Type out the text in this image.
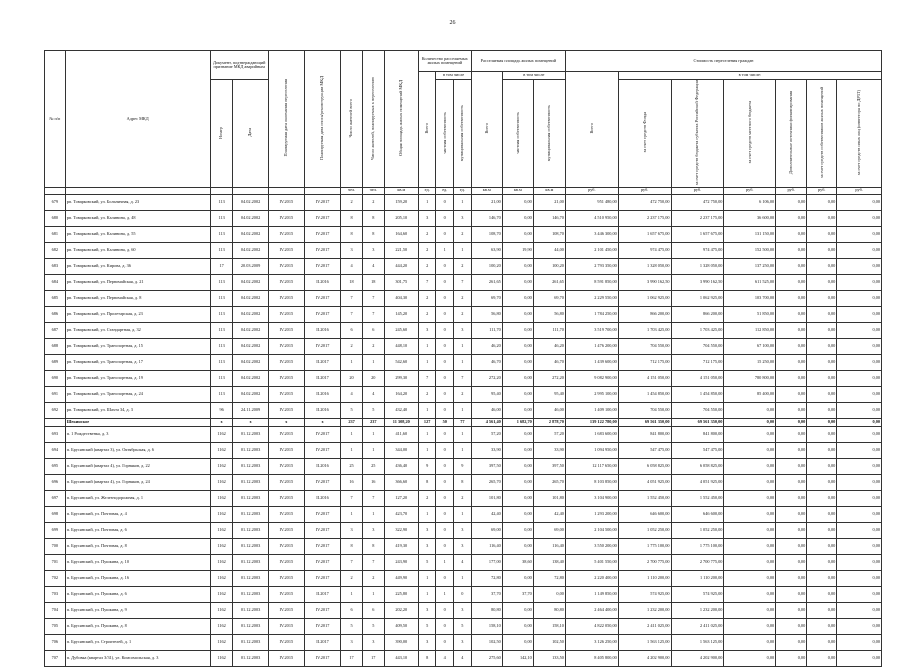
26
№ п/п	Адрес МКД	Документ, подтверждающий признание МКД аварийным		Планируемая дата окончания переселения	Планируемая дата сноса/реконструкции МКД	Число жителей всего	Число жителей, планируемых к переселению	Общая площадь жилых помещений МКД	Количество расселяемых жилых помещений			Расселяемая площадь жилых помещений			Стоимость переселения граждан						
									Всего	в том числе		Всего	в том числе		Всего	в том числе:					
		Номер	Дата							частная собственность	муниципальная собственность		частная собственность	муниципальная собственность		за счет средств Фонда	за счет средств бюджета субъекта Российской Федерации	за счет средств местного бюджета	Дополнительные источники финансирования	за счет средств собственников жилых помещений	за счет средств иных лиц (инвестора по ДРЗТ)
						чел.	чел.	кв.м	ед.	ед.	ед.	кв.м	кв.м	кв.м	руб.	руб.	руб.	руб.	руб.	руб.	руб.
679	рп. Товарковский, ул. Больничная, д. 23	113	04.02.2002	IV.2015	IV.2017	2	2	159,20	1	0	1	21,00	0,00	21,00	951 480,00	472 750,00	472 750,00	6 106,00	0,00	0,00	0,00
680	рп. Товарковский, ул. Калинина, д. 48	113	04.02.2002	IV.2015	IV.2017	8	8	205,10	3	0	3	146,70	0,00	146,70	4 510 950,00	2 237 175,00	2 237 175,00	36 600,00	0,00	0,00	0,00
681	рп. Товарковский, ул. Калинина, д. 55	113	04.02.2002	IV.2015	IV.2017	8	8	164,60	2	0	2	108,70	0,00	108,70	3 446 300,00	1 657 675,00	1 657 675,00	131 150,00	0,00	0,00	0,00
682	рп. Товарковский, ул. Калинина, д. 60	113	04.02.2002	IV.2015	IV.2017	3	3	221,50	2	1	1	63,90	19,90	44,00	2 101 450,00	974 475,00	974 475,00	152 500,00	0,00	0,00	0,00
683	рп. Товарковский, ул. Кирова, д. 36	17	20.03.2009	IV.2015	IV.2017	4	4	444,20	2	0	2	100,20	0,00	100,20	2 793 350,00	1 328 050,00	1 328 050,00	137 250,00	0,00	0,00	0,00
684	рп. Товарковский, ул. Первомайская, д. 21	113	04.02.2002	IV.2015	II.2016	18	18	301,75	7	0	7	261,65	0,00	261,65	8 591 850,00	3 990 162,50	3 990 162,50	611 525,00	0,00	0,00	0,00
685	рп. Товарковский, ул. Первомайская, д. 8	113	04.02.2002	IV.2015	IV.2017	7	7	404,30	2	0	2	69,70	0,00	69,70	2 229 550,00	1 062 925,00	1 062 925,00	103 700,00	0,00	0,00	0,00
686	рп. Товарковский, ул. Пролетарская, д. 23	113	04.02.2002	IV.2015	IV.2017	7	7	145,20	2	0	2	56,80	0,00	56,80	1 784 250,00	866 200,00	866 200,00	51 850,00	0,00	0,00	0,00
687	рп. Товарковский, ул. Стандартная, д. 32	113	04.02.2002	IV.2015	II.2016	6	6	245,60	3	0	3	111,70	0,00	111,70	3 519 700,00	1 703 425,00	1 703 425,00	112 850,00	0,00	0,00	0,00
688	рп. Товарковский, ул. Транспортная, д. 15	113	04.02.2002	IV.2015	IV.2017	2	2	448,10	1	0	1	46,20	0,00	46,20	1 476 200,00	704 550,00	704 550,00	67 100,00	0,00	0,00	0,00
689	рп. Товарковский, ул. Транспортная, д. 17	113	04.02.2002	IV.2015	II.2017	1	1	542,60	1	0	1	46,70	0,00	46,70	1 439 600,00	712 175,00	712 175,00	15 250,00	0,00	0,00	0,00
690	рп. Товарковский, ул. Транспортная, д. 19	113	04.02.2002	IV.2015	II.2017	20	20	299,30	7	0	7	272,20	0,00	272,20	9 082 900,00	4 151 050,00	4 151 050,00	780 800,00	0,00	0,00	0,00
691	рп. Товарковский, ул. Транспортная, д. 24	113	04.02.2002	IV.2015	II.2016	4	4	164,20	2	0	2	95,40	0,00	95,40	2 995 100,00	1 454 850,00	1 454 850,00	85 400,00	0,00	0,00	0,00
692	рп. Товарковский, ул. Шахта 34, д. 3	96	24.11.2009	IV.2015	II.2016	5	5	432,40	1	0	1	46,00	0,00	46,00	1 409 100,00	704 550,00	704 550,00	0,00	0,00	0,00	0,00
	Шекинское	х	х	х	х	237	237	11 308,20	127	50	77	4 561,40	1 682,70	2 878,70	139 122 780,00	69 561 350,00	69 561 350,00	0,00	0,00	0,00	0,00
693	п. 1 Рождественка, д. 3	1162	01.12.2003	IV.2015	IV.2017	1	1	411,60	1	0	1	57,20	0,00	57,20	1 683 600,00	841 800,00	841 800,00	0,00	0,00	0,00	0,00
694	п. Брусянский (квартал 3), ул. Октябрьская, д. 6	1162	01.12.2003	IV.2015	IV.2017	1	1	344,00	1	0	1	33,90	0,00	33,90	1 094 950,00	547 475,00	547 475,00	0,00	0,00	0,00	0,00
695	п. Брусянский (квартал 4), ул. Горняков, д. 22	1162	01.12.2003	IV.2015	II.2016	25	25	436,40	9	0	9	397,50	0,00	397,50	12 117 650,00	6 058 825,00	6 058 825,00	0,00	0,00	0,00	0,00
696	п. Брусянский (квартал 4), ул. Горняков, д. 24	1162	01.12.2003	IV.2015	IV.2017	16	16	366,60	8	0	8	265,70	0,00	265,70	8 103 850,00	4 051 925,00	4 051 925,00	0,00	0,00	0,00	0,00
697	п. Брусянский, ул. Железнодорожная, д. 1	1162	01.12.2003	IV.2015	II.2016	7	7	127,20	2	0	2	101,80	0,00	101,80	3 104 900,00	1 552 450,00	1 552 450,00	0,00	0,00	0,00	0,00
698	п. Брусянский, ул. Почтовая, д. 4	1162	01.12.2003	IV.2015	IV.2017	1	1	423,70	1	0	1	42,40	0,00	42,40	1 293 200,00	646 600,00	646 600,00	0,00	0,00	0,00	0,00
699	п. Брусянский, ул. Почтовая, д. 6	1162	01.12.2003	IV.2015	IV.2017	3	3	322,90	3	0	3	69,00	0,00	69,00	2 104 500,00	1 052 250,00	1 052 250,00	0,00	0,00	0,00	0,00
700	п. Брусянский, ул. Почтовая, д. 8	1162	01.12.2003	IV.2015	IV.2017	8	8	419,30	3	0	3	116,40	0,00	116,40	3 550 200,00	1 775 100,00	1 775 100,00	0,00	0,00	0,00	0,00
701	п. Брусянский, ул. Пушкина, д. 10	1162	01.12.2003	IV.2015	IV.2017	7	7	243,90	5	1	4	177,00	38,60	138,40	5 401 550,00	2 700 775,00	2 700 775,00	0,00	0,00	0,00	0,00
702	п. Брусянский, ул. Пушкина, д. 16	1162	01.12.2003	IV.2015	IV.2017	2	2	449,90	1	0	1	72,80	0,00	72,80	2 220 400,00	1 110 200,00	1 110 200,00	0,00	0,00	0,00	0,00
703	п. Брусянский, ул. Пушкина, д. 6	1162	01.12.2003	IV.2015	II.2017	1	1	225,80	1	1	0	37,70	37,70	0,00	1 149 850,00	574 925,00	574 925,00	0,00	0,00	0,00	0,00
704	п. Брусянский, ул. Пушкина, д. 9	1162	01.12.2003	IV.2015	IV.2017	6	6	202,20	3	0	3	80,80	0,00	80,80	2 464 400,00	1 232 200,00	1 232 200,00	0,00	0,00	0,00	0,00
705	п. Брусянский, ул. Пушкина, д. 8	1162	01.12.2003	IV.2015	IV.2017	5	5	409,50	5	0	5	158,10	0,00	158,10	4 822 050,00	2 411 025,00	2 411 025,00	0,00	0,00	0,00	0,00
706	п. Брусянский, ул. Строителей, д. 1	1162	01.12.2003	IV.2015	II.2017	3	3	390,00	3	0	3	102,50	0,00	102,50	3 126 250,00	1 563 125,00	1 563 125,00	0,00	0,00	0,00	0,00
707	п. Дубовка (квартал 3/31), ул. Комсомольская, д. 3	1162	01.12.2003	IV.2015	IV.2017	17	17	443,10	8	4	4	275,60	142,10	133,50	8 405 800,00	4 202 900,00	4 202 900,00	0,00	0,00	0,00	0,00
